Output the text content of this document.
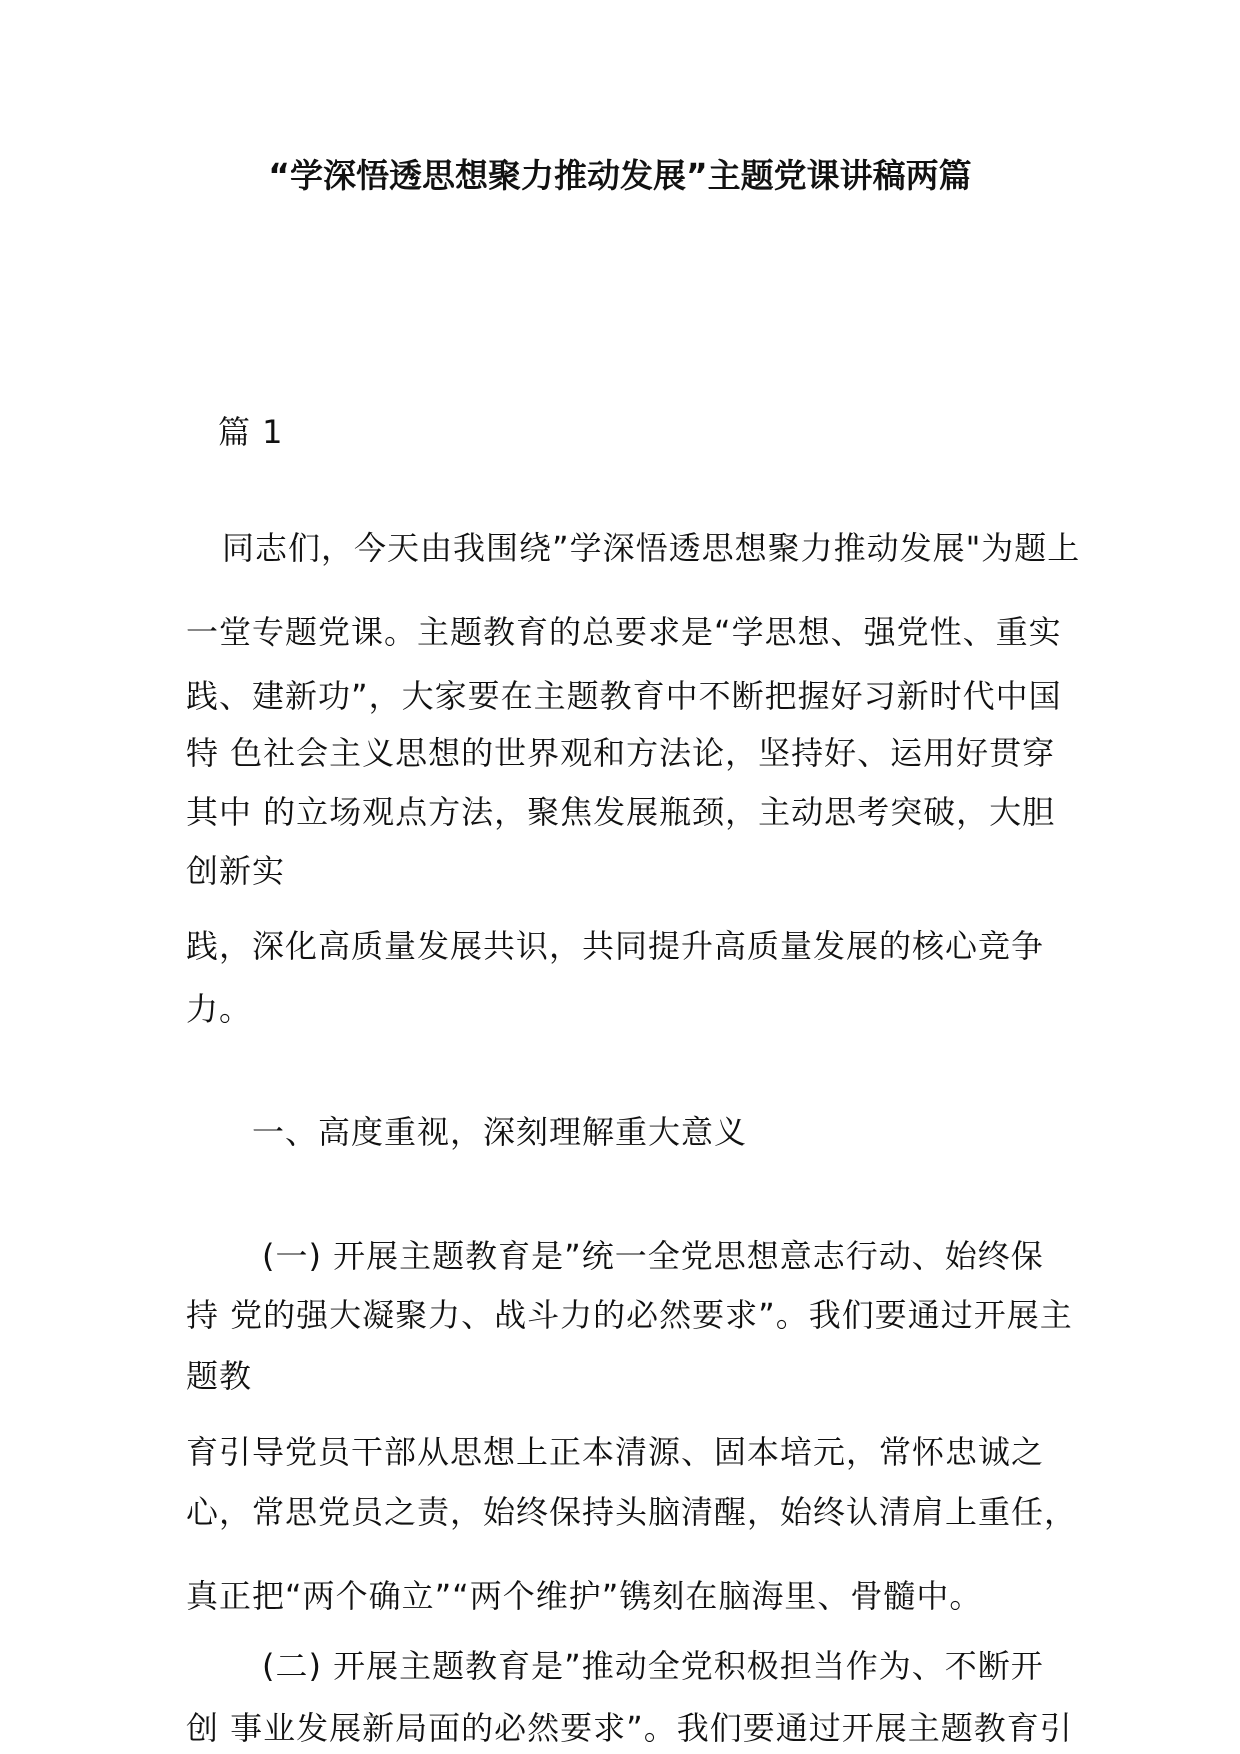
“学深悟透思想聚力推动发展”主题党课讲稿两篇
篇 1
同志们，今天由我围绕”学深悟透思想聚力推动发展"为题上
一堂专题党课。主题教育的总要求是“学思想、强党性、重实
践、建新功”，大家要在主题教育中不断把握好习新时代中国
特 色社会主义思想的世界观和方法论，坚持好、运用好贯穿
其中 的立场观点方法，聚焦发展瓶颈，主动思考突破，大胆
创新实
践，深化高质量发展共识，共同提升高质量发展的核心竞争
力。
一、高度重视，深刻理解重大意义
(一) 开展主题教育是”统一全党思想意志行动、始终保
持 党的强大凝聚力、战斗力的必然要求”。我们要通过开展主
题教
育引导党员干部从思想上正本清源、固本培元，常怀忠诚之
心，常思党员之责，始终保持头脑清醒，始终认清肩上重任，
真正把“两个确立”“两个维护”镌刻在脑海里、骨髓中。
(二) 开展主题教育是”推动全党积极担当作为、不断开
创 事业发展新局面的必然要求”。我们要通过开展主题教育引
